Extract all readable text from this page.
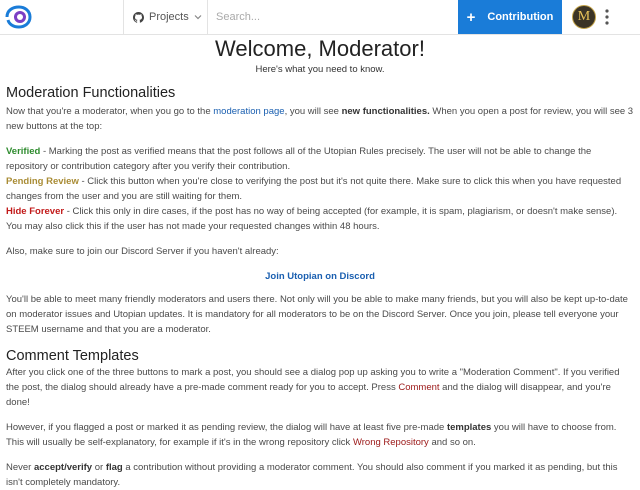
Projects Search...	+ Contribution	M
Welcome, Moderator!
Here's what you need to know.
Moderation Functionalities

Now that you're a moderator, when you go to the moderation page, you will see new functionalities. When you open a post for review, you will see 3 new buttons at the top:

Verified - Marking the post as verified means that the post follows all of the Utopian Rules precisely. The user will not be able to change the repository or contribution category after you verify their contribution.

Pending Review - Click this button when you're close to verifying the post but it's not quite there. Make sure to click this when you have requested changes from the user and you are still waiting for them.

Hide Forever - Click this only in dire cases, if the post has no way of being accepted (for example, it is spam, plagiarism, or doesn't make sense). You may also click this if the user has not made your requested changes within 48 hours.

Also, make sure to join our Discord Server if you haven't already:

Join Utopian on Discord

You'll be able to meet many friendly moderators and users there. Not only will you be able to make many friends, but you will also be kept up-to-date on moderator issues and Utopian updates. It is mandatory for all moderators to be on the Discord Server. Once you join, please tell everyone your STEEM username and that you are a moderator.

Comment Templates

After you click one of the three buttons to mark a post, you should see a dialog pop up asking you to write a "Moderation Comment". If you verified the post, the dialog should already have a pre-made comment ready for you to accept. Press Comment and the dialog will disappear, and you're done!

However, if you flagged a post or marked it as pending review, the dialog will have at least five pre-made templates you will have to choose from. This will usually be self-explanatory, for example if it's in the wrong repository click Wrong Repository and so on.

Never accept/verify or flag a contribution without providing a moderator comment. You should also comment if you marked it as pending, but this isn't completely mandatory.
